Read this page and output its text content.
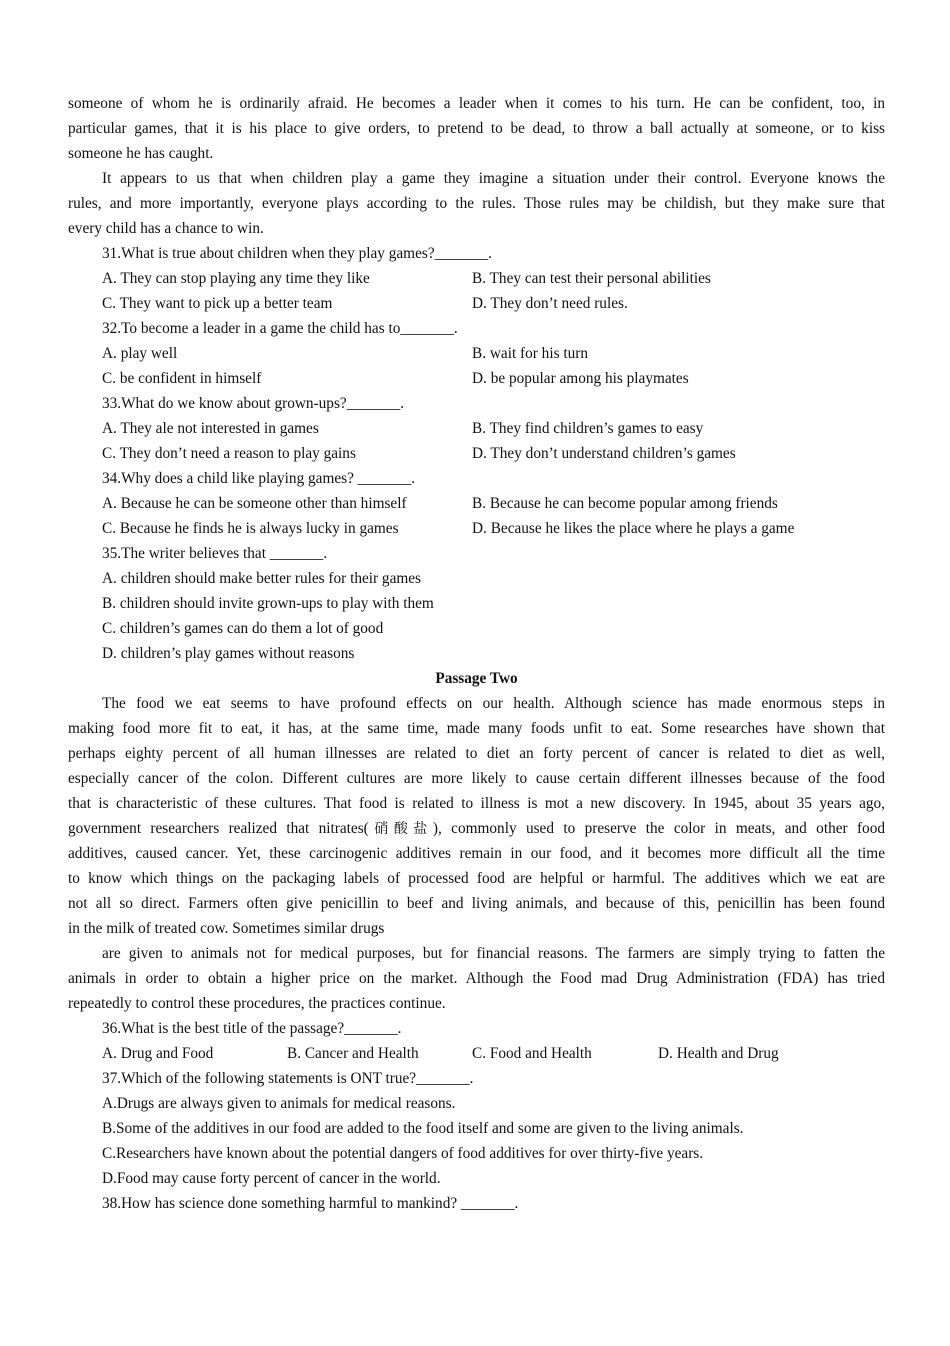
someone of whom he is ordinarily afraid. He becomes a leader when it comes to his turn. He can be confident, too, in
particular games, that it is his place to give orders, to pretend to be dead, to throw a ball actually at someone, or to kiss
someone he has caught.
It appears to us that when children play a game they imagine a situation under their control. Everyone knows the
rules, and more importantly, everyone plays according to the rules. Those rules may be childish, but they make sure that
every child has a chance to win.
31.What is true about children when they play games?_______.
A. They can stop playing any time they like	B. They can test their personal abilities
C. They want to pick up a better team	D. They don’t need rules.
32.To become a leader in a game the child has to_______.
A. play well	B. wait for his turn
C. be confident in himself	D. be popular among his playmates
33.What do we know about grown-ups?_______.
A. They ale not interested in games	B. They find children’s games to easy
C. They don’t need a reason to play gains	D. They don’t understand children’s games
34.Why does a child like playing games? _______.
A. Because he can be someone other than himself	B. Because he can become popular among friends
C. Because he finds he is always lucky in games	D. Because he likes the place where he plays a game
35.The writer believes that _______.
A. children should make better rules for their games
B. children should invite grown-ups to play with them
C. children’s games can do them a lot of good
D. children’s play games without reasons
Passage Two
The food we eat seems to have profound effects on our health. Although science has made enormous steps in
making food more fit to eat, it has, at the same time, made many foods unfit to eat. Some researches have shown that
perhaps eighty percent of all human illnesses are related to diet an forty percent of cancer is related to diet as well,
especially cancer of the colon. Different cultures are more likely to cause certain different illnesses because of the food
that is characteristic of these cultures. That food is related to illness is mot a new discovery. In 1945, about 35 years ago,
government researchers realized that nitrates(硝酸盐), commonly used to preserve the color in meats, and other food
additives, caused cancer. Yet, these carcinogenic additives remain in our food, and it becomes more difficult all the time
to know which things on the packaging labels of processed food are helpful or harmful. The additives which we eat are
not all so direct. Farmers often give penicillin to beef and living animals, and because of this, penicillin has been found
in the milk of treated cow. Sometimes similar drugs
are given to animals not for medical purposes, but for financial reasons. The farmers are simply trying to fatten the
animals in order to obtain a higher price on the market. Although the Food mad Drug Administration (FDA) has tried
repeatedly to control these procedures, the practices continue.
36.What is the best title of the passage?_______.
A. Drug and Food	B. Cancer and Health	C. Food and Health	D. Health and Drug
37.Which of the following statements is ONT true?_______.
A.Drugs are always given to animals for medical reasons.
B.Some of the additives in our food are added to the food itself and some are given to the living animals.
C.Researchers have known about the potential dangers of food additives for over thirty-five years.
D.Food may cause forty percent of cancer in the world.
38.How has science done something harmful to mankind? _______.
